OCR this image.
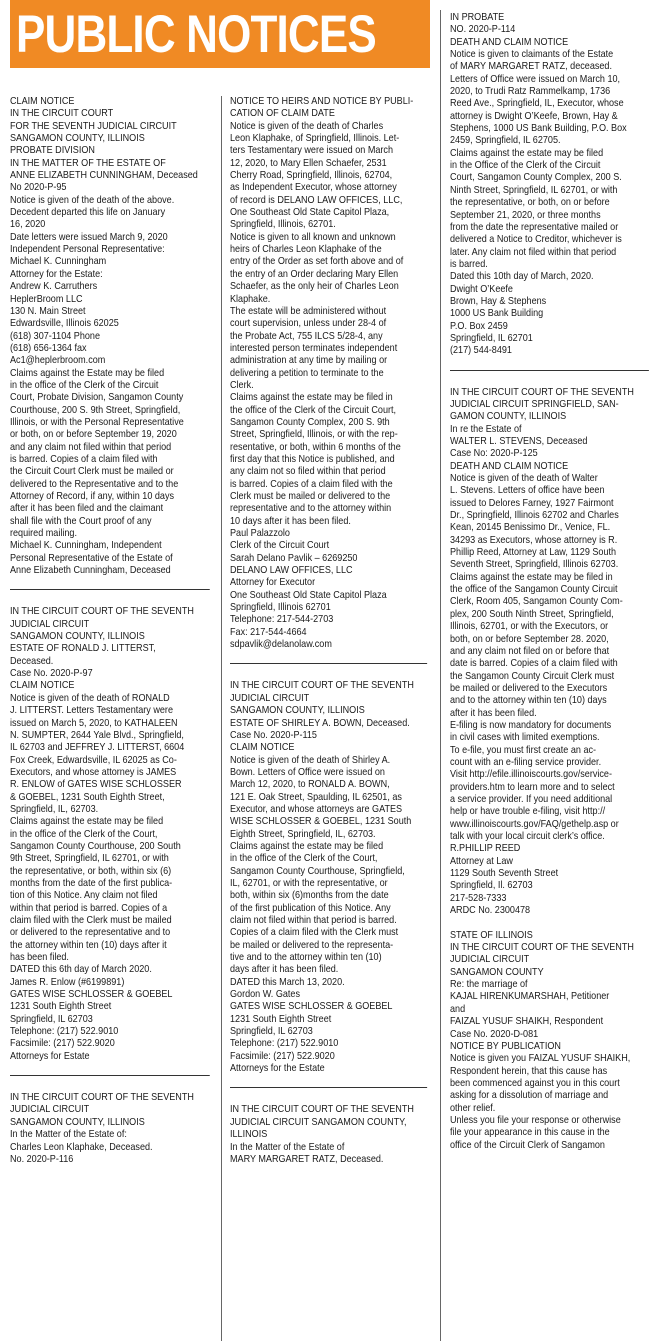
PUBLIC NOTICES

CLAIM NOTICE
IN THE CIRCUIT COURT
FOR THE SEVENTH JUDICIAL CIRCUIT
SANGAMON COUNTY, ILLINOIS
PROBATE DIVISION
IN THE MATTER OF THE ESTATE OF
ANNE ELIZABETH CUNNINGHAM, Deceased
No 2020-P-95
Notice is given of the death of the above.
Decedent departed this life on January
16, 2020
Date letters were issued March 9, 2020
Independent Personal Representative:
Michael K. Cunningham
Attorney for the Estate:
Andrew K. Carruthers
HeplerBroom LLC
130 N. Main Street
Edwardsville, Illinois 62025
(618) 307-1104 Phone
(618) 656-1364 fax
Ac1@heplerbroom.com
Claims against the Estate may be filed
in the office of the Clerk of the Circuit
Court, Probate Division, Sangamon County
Courthouse, 200 S. 9th Street, Springfield,
Illinois, or with the Personal Representative
or both, on or before September 19, 2020
and any claim not filed within that period
is barred. Copies of a claim filed with
the Circuit Court Clerk must be mailed or
delivered to the Representative and to the
Attorney of Record, if any, within 10 days
after it has been filed and the claimant
shall file with the Court proof of any
required mailing.
Michael K. Cunningham, Independent
Personal Representative of the Estate of
Anne Elizabeth Cunningham, Deceased

IN THE CIRCUIT COURT OF THE SEVENTH
JUDICIAL CIRCUIT
SANGAMON COUNTY, ILLINOIS
ESTATE OF RONALD J. LITTERST,
Deceased.
Case No. 2020-P-97
CLAIM NOTICE
Notice is given of the death of RONALD
J. LITTERST. Letters Testamentary were
issued on March 5, 2020, to KATHALEEN
N. SUMPTER, 2644 Yale Blvd., Springfield,
IL 62703 and JEFFREY J. LITTERST, 6604
Fox Creek, Edwardsville, IL 62025 as Co-
Executors, and whose attorney is JAMES
R. ENLOW of GATES WISE SCHLOSSER
& GOEBEL, 1231 South Eighth Street,
Springfield, IL, 62703.
Claims against the estate may be filed
in the office of the Clerk of the Court,
Sangamon County Courthouse, 200 South
9th Street, Springfield, IL 62701, or with
the representative, or both, within six (6)
months from the date of the first publica-
tion of this Notice. Any claim not filed
within that period is barred. Copies of a
claim filed with the Clerk must be mailed
or delivered to the representative and to
the attorney within ten (10) days after it
has been filed.
DATED this 6th day of March 2020.
James R. Enlow (#6199891)
GATES WISE SCHLOSSER & GOEBEL
1231 South Eighth Street
Springfield, IL 62703
Telephone: (217) 522.9010
Facsimile: (217) 522.9020
Attorneys for Estate

IN THE CIRCUIT COURT OF THE SEVENTH
JUDICIAL CIRCUIT
SANGAMON COUNTY, ILLINOIS
In the Matter of the Estate of:
Charles Leon Klaphake, Deceased.
No. 2020-P-116

NOTICE TO HEIRS AND NOTICE BY PUBLI-
CATION OF CLAIM DATE
Notice is given of the death of Charles
Leon Klaphake, of Springfield, Illinois. Let-
ters Testamentary were issued on March
12, 2020, to Mary Ellen Schaefer, 2531
Cherry Road, Springfield, Illinois, 62704,
as Independent Executor, whose attorney
of record is DELANO LAW OFFICES, LLC,
One Southeast Old State Capitol Plaza,
Springfield, Illinois, 62701.
Notice is given to all known and unknown
heirs of Charles Leon Klaphake of the
entry of the Order as set forth above and of
the entry of an Order declaring Mary Ellen
Schaefer, as the only heir of Charles Leon
Klaphake.
The estate will be administered without
court supervision, unless under 28-4 of
the Probate Act, 755 ILCS 5/28-4, any
interested person terminates independent
administration at any time by mailing or
delivering a petition to terminate to the
Clerk.
Claims against the estate may be filed in
the office of the Clerk of the Circuit Court,
Sangamon County Complex, 200 S. 9th
Street, Springfield, Illinois, or with the rep-
resentative, or both, within 6 months of the
first day that this Notice is published, and
any claim not so filed within that period
is barred. Copies of a claim filed with the
Clerk must be mailed or delivered to the
representative and to the attorney within
10 days after it has been filed.
Paul Palazzolo
Clerk of the Circuit Court
Sarah Delano Pavlik – 6269250
DELANO LAW OFFICES, LLC
Attorney for Executor
One Southeast Old State Capitol Plaza
Springfield, Illinois 62701
Telephone: 217-544-2703
Fax: 217-544-4664
sdpavlik@delanolaw.com

IN THE CIRCUIT COURT OF THE SEVENTH
JUDICIAL CIRCUIT
SANGAMON COUNTY, ILLINOIS
ESTATE OF SHIRLEY A. BOWN, Deceased.
Case No. 2020-P-115
CLAIM NOTICE
Notice is given of the death of Shirley A.
Bown. Letters of Office were issued on
March 12, 2020, to RONALD A. BOWN,
121 E. Oak Street, Spaulding, IL 62501, as
Executor, and whose attorneys are GATES
WISE SCHLOSSER & GOEBEL, 1231 South
Eighth Street, Springfield, IL, 62703.
Claims against the estate may be filed
in the office of the Clerk of the Court,
Sangamon County Courthouse, Springfield,
IL, 62701, or with the representative, or
both, within six (6)months from the date
of the first publication of this Notice. Any
claim not filed within that period is barred.
Copies of a claim filed with the Clerk must
be mailed or delivered to the representa-
tive and to the attorney within ten (10)
days after it has been filed.
DATED this March 13, 2020.
Gordon W. Gates
GATES WISE SCHLOSSER & GOEBEL
1231 South Eighth Street
Springfield, IL 62703
Telephone: (217) 522.9010
Facsimile: (217) 522.9020
Attorneys for the Estate

IN THE CIRCUIT COURT OF THE SEVENTH
JUDICIAL CIRCUIT SANGAMON COUNTY,
ILLINOIS
In the Matter of the Estate of
MARY MARGARET RATZ, Deceased.

IN PROBATE
NO. 2020-P-114
DEATH AND CLAIM NOTICE
Notice is given to claimants of the Estate
of MARY MARGARET RATZ, deceased.
Letters of Office were issued on March 10,
2020, to Trudi Ratz Rammelkamp, 1736
Reed Ave., Springfield, IL, Executor, whose
attorney is Dwight O’Keefe, Brown, Hay &
Stephens, 1000 US Bank Building, P.O. Box
2459, Springfield, IL 62705.
Claims against the estate may be filed
in the Office of the Clerk of the Circuit
Court, Sangamon County Complex, 200 S.
Ninth Street, Springfield, IL 62701, or with
the representative, or both, on or before
September 21, 2020, or three months
from the date the representative mailed or
delivered a Notice to Creditor, whichever is
later. Any claim not filed within that period
is barred.
Dated this 10th day of March, 2020.
Dwight O’Keefe
Brown, Hay & Stephens
1000 US Bank Building
P.O. Box 2459
Springfield, IL 62701
(217) 544-8491

IN THE CIRCUIT COURT OF THE SEVENTH
JUDICIAL CIRCUIT SPRINGFIELD, SAN-
GAMON COUNTY, ILLINOIS
In re the Estate of
WALTER L. STEVENS, Deceased
Case No: 2020-P-125
DEATH AND CLAIM NOTICE
Notice is given of the death of Walter
L. Stevens. Letters of office have been
issued to Delores Farney, 1927 Fairmont
Dr., Springfield, Illinois 62702 and Charles
Kean, 20145 Benissimo Dr., Venice, FL.
34293 as Executors, whose attorney is R.
Phillip Reed, Attorney at Law, 1129 South
Seventh Street, Springfield, Illinois 62703.
Claims against the estate may be filed in
the office of the Sangamon County Circuit
Clerk, Room 405, Sangamon County Com-
plex, 200 South Ninth Street, Springfield,
Illinois, 62701, or with the Executors, or
both, on or before September 28. 2020,
and any claim not filed on or before that
date is barred. Copies of a claim filed with
the Sangamon County Circuit Clerk must
be mailed or delivered to the Executors
and to the attorney within ten (10) days
after it has been filed.
E-filing is now mandatory for documents
in civil cases with limited exemptions.
To e-file, you must first create an ac-
count with an e-filing service provider.
Visit http://efile.illinoiscourts.gov/service-
providers.htm to learn more and to select
a service provider. If you need additional
help or have trouble e-filing, visit http://
www.illinoiscourts.gov/FAQ/gethelp.asp or
talk with your local circuit clerk’s office.
R.PHILLIP REED
Attorney at Law
1129 South Seventh Street
Springfield, Il. 62703
217-528-7333
ARDC No. 2300478

STATE OF ILLINOIS
IN THE CIRCUIT COURT OF THE SEVENTH
JUDICIAL CIRCUIT
SANGAMON COUNTY
Re: the marriage of
KAJAL HIRENKUMARSHAH, Petitioner
and
FAIZAL YUSUF SHAIKH, Respondent
Case No. 2020-D-081
NOTICE BY PUBLICATION
Notice is given you FAIZAL YUSUF SHAIKH,
Respondent herein, that this cause has
been commenced against you in this court
asking for a dissolution of marriage and
other relief.
Unless you file your response or otherwise
file your appearance in this cause in the
office of the Circuit Clerk of Sangamon
